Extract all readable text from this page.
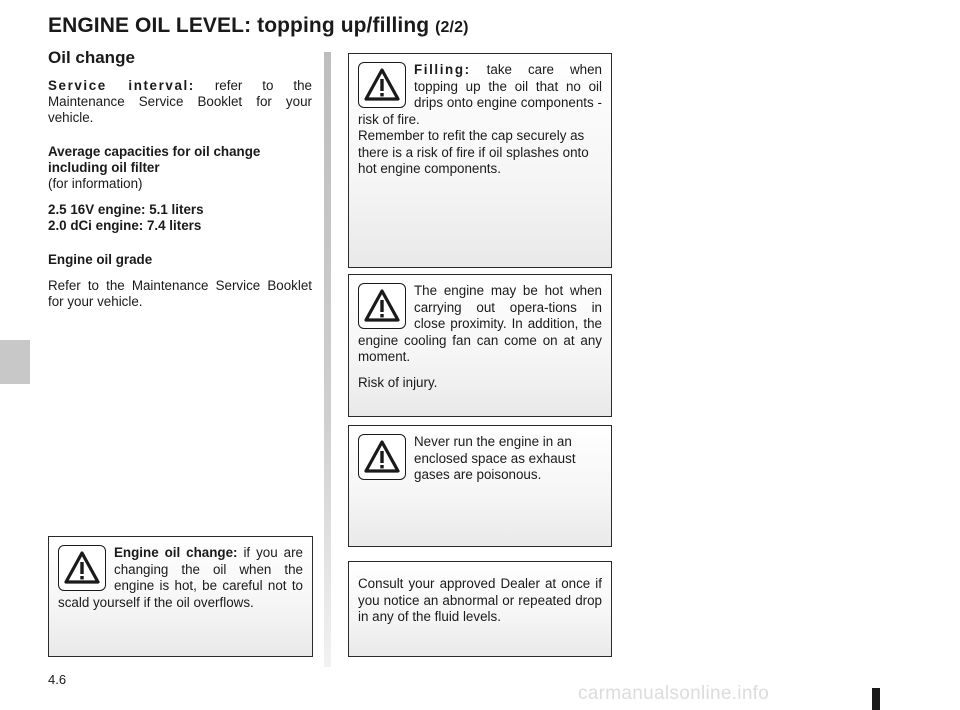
ENGINE OIL LEVEL: topping up/filling (2/2)

Oil change

Service interval: refer to the Maintenance Service Booklet for your vehicle.

Average capacities for oil change

including oil filter

(for information)

2.5 16V engine: 5.1 liters

2.0 dCi engine: 7.4 liters

Engine oil grade

Refer to the Maintenance Service Booklet for your vehicle.

Engine oil change: if you are changing the oil when the engine is hot, be careful not to scald yourself if the oil overflows.

Filling: take care when topping up the oil that no oil drips onto engine components - risk of fire.

Remember to refit the cap securely as there is a risk of fire if oil splashes onto hot engine components.

The engine may be hot when carrying out opera-tions in close proximity. In addition, the engine cooling fan can come on at any moment.

Risk of injury.

Never run the engine in an enclosed space as exhaust gases are poisonous.

Consult your approved Dealer at once if you notice an abnormal or repeated drop in any of the fluid levels.

4.6
carmanualsonline.info
